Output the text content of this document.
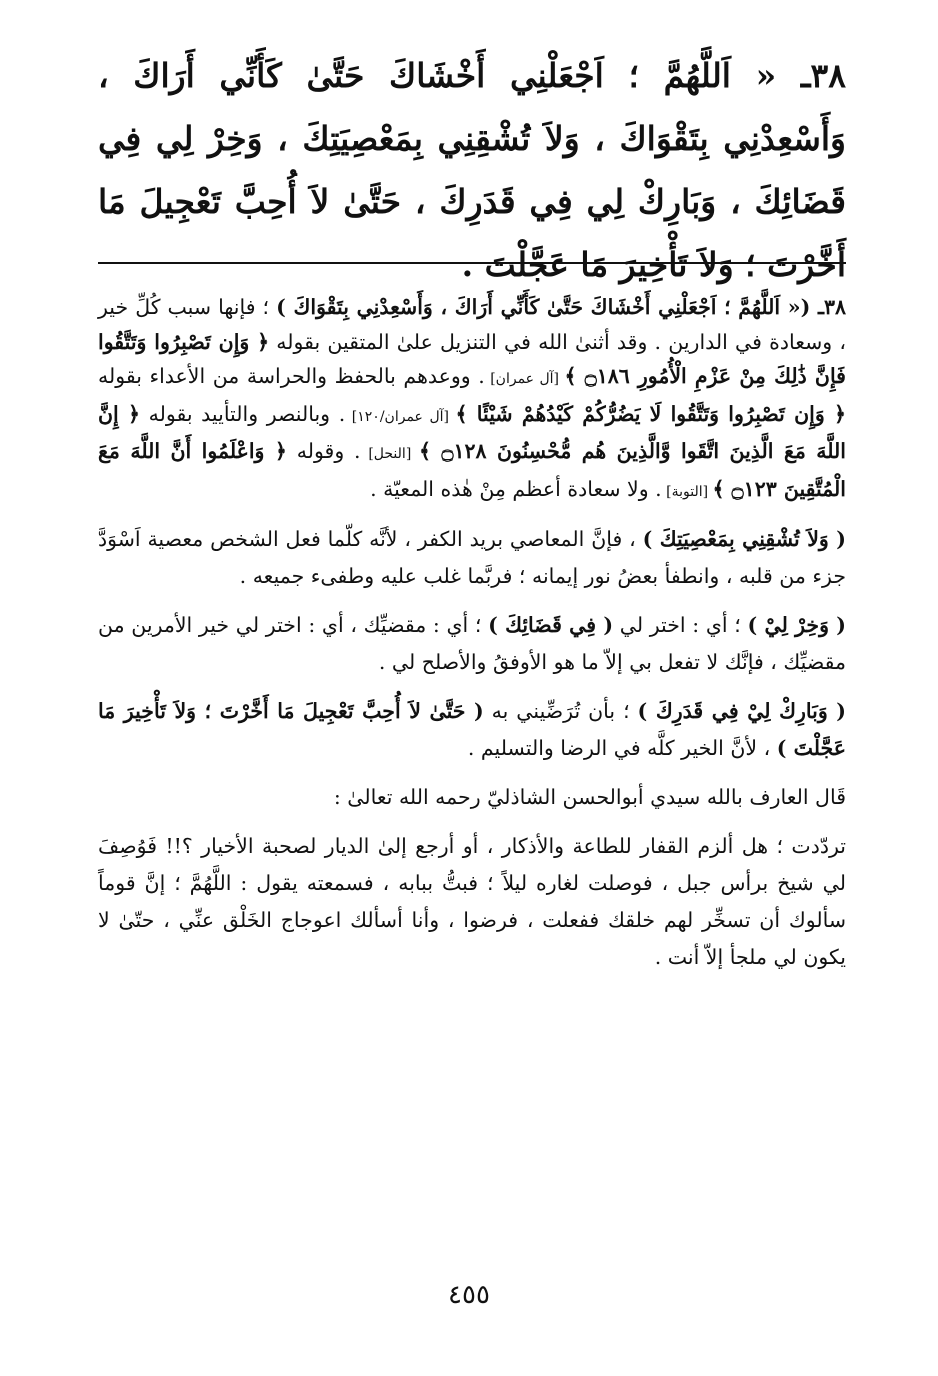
٣٨ـ « اَللَّهُمَّ ؛ اَجْعَلْنِي أَخْشَاكَ حَتَّىٰ كَأَنِّي أَرَاكَ ، وَأَسْعِدْنِي بِتَقْوَاكَ ، وَلاَ تُشْقِنِي بِمَعْصِيَتِكَ ، وَخِرْ لِي فِي قَضَائِكَ ، وَبَارِكْ لِي فِي قَدَرِكَ ، حَتَّىٰ لاَ أُحِبَّ تَعْجِيلَ مَا أَخَّرْتَ ؛ وَلاَ تَأْخِيرَ مَا عَجَّلْتَ .

٣٨ـ (« اَللَّهُمَّ ؛ اَجْعَلْنِي أَخْشَاكَ حَتَّىٰ كَأَنِّي أَرَاكَ ، وَأَسْعِدْنِي بِتَقْوَاكَ ) ؛ فإنها سبب كُلِّ خير ، وسعادة في الدارين . وقد أثنىٰ الله في التنزيل علىٰ المتقين بقوله ﴿ وَإِن تَصْبِرُوا وَتَتَّقُوا فَإِنَّ ذَٰلِكَ مِنْ عَزْمِ الْأُمُورِ ۝١٨٦ ﴾ [آل عمران] . ووعدهم بالحفظ والحراسة من الأعداء بقوله ﴿ وَإِن تَصْبِرُوا وَتَتَّقُوا لَا يَضُرُّكُمْ كَيْدُهُمْ شَيْئًا ﴾ [آل عمران/١٢٠] . وبالنصر والتأييد بقوله ﴿ إِنَّ اللَّهَ مَعَ الَّذِينَ اتَّقَوا وَّالَّذِينَ هُم مُّحْسِنُونَ ۝١٢٨ ﴾ [النحل] . وقوله ﴿ وَاعْلَمُوا أَنَّ اللَّهَ مَعَ الْمُتَّقِينَ ۝١٢٣ ﴾ [التوبة] . ولا سعادة أعظم مِنْ هٰذه المعيّة .

( وَلاَ تُشْقِنِي بِمَعْصِيَتِكَ ) ، فإنَّ المعاصي بريد الكفر ، لأنَّه كلّما فعل الشخص معصية اَسْوَدَّ جزء من قلبه ، وانطفأ بعضُ نور إيمانه ؛ فربَّما غلب عليه وطفىء جميعه .

( وَخِرْ لِيْ ) ؛ أي : اختر لي ( فِي قَضَائِكَ ) ؛ أي : مقضيِّك ، أي : اختر لي خير الأمرين من مقضيِّك ، فإنَّك لا تفعل بي إلاّ ما هو الأوفقُ والأصلح لي .

( وَبَارِكْ لِيْ فِي قَدَرِكَ ) ؛ بأن تُرَضِّيني به ( حَتَّىٰ لاَ أُحِبَّ تَعْجِيلَ مَا أَخَّرْتَ ؛ وَلاَ تَأْخِيرَ مَا عَجَّلْتَ ) ، لأنَّ الخير كلَّه في الرضا والتسليم .

قَال العارف بالله سيدي أبوالحسن الشاذليّ رحمه الله تعالىٰ :

تردّدت ؛ هل ألزم القفار للطاعة والأذكار ، أو أرجع إلىٰ الديار لصحبة الأخيار ؟!! فَوُصِفَ لي شيخ برأس جبل ، فوصلت لغاره ليلاً ؛ فبتُّ ببابه ، فسمعته يقول : اللَّهُمَّ ؛ إنَّ قوماً سألوك أن تسخِّر لهم خلقك ففعلت ، فرضوا ، وأنا أسألك اعوجاج الخَلْق عنِّي ، حتّىٰ لا يكون لي ملجأ إلاّ أنت .

٤٥٥
